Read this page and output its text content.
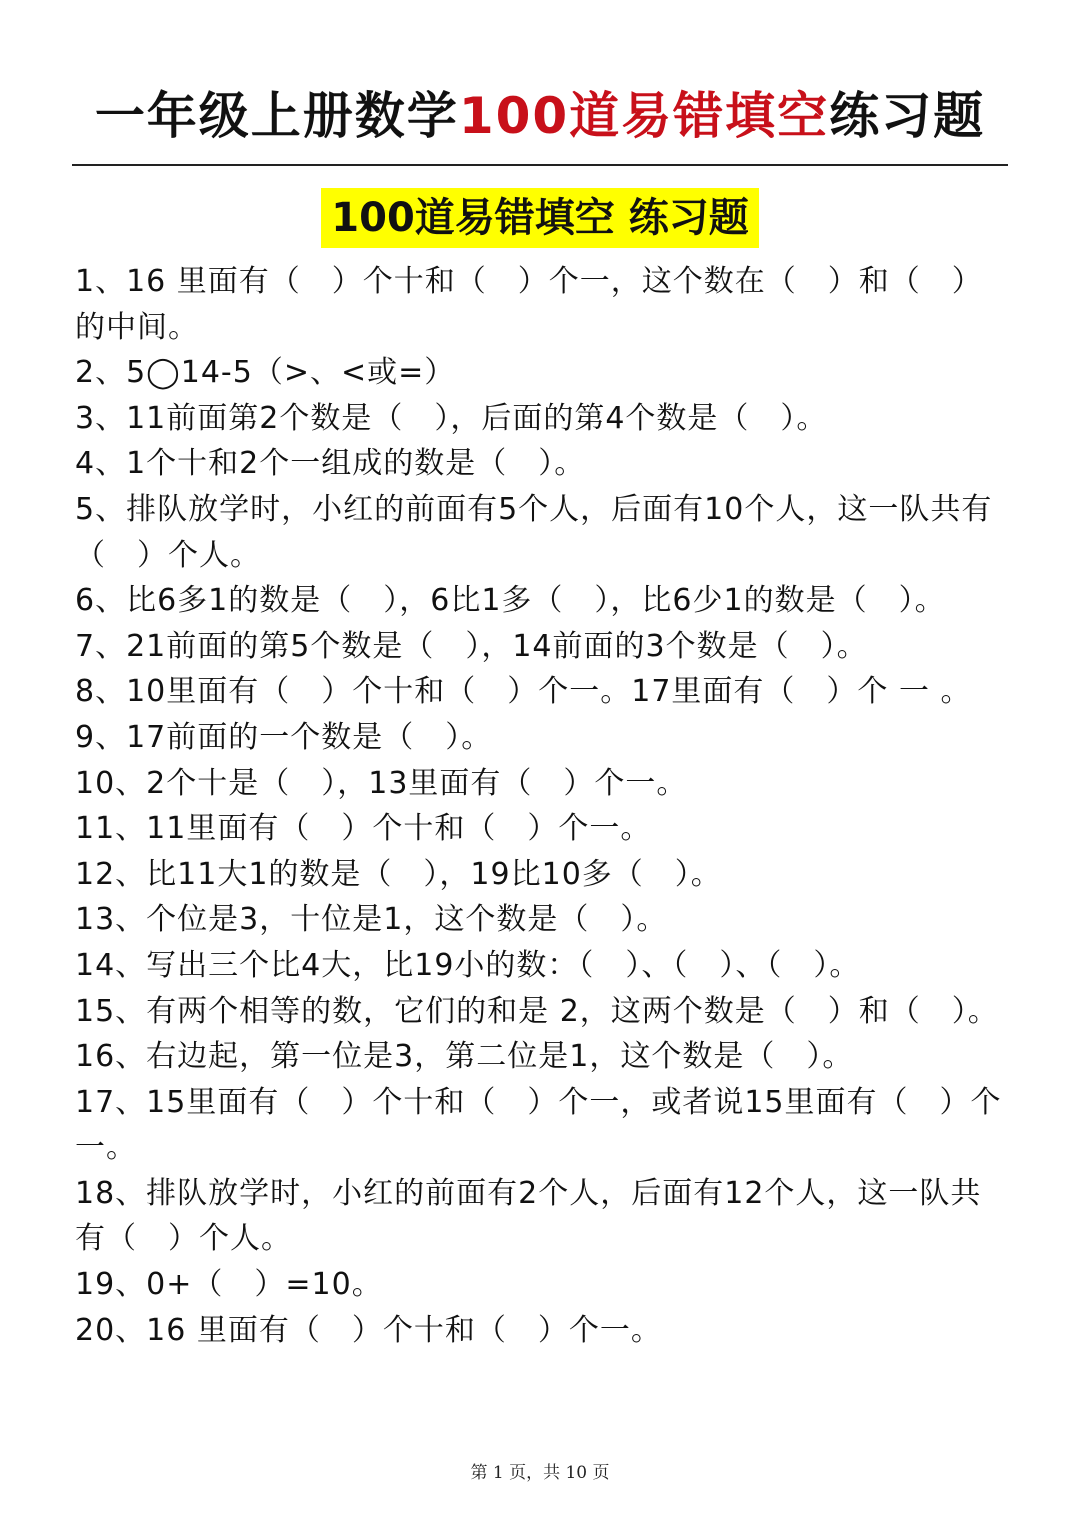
一年级上册数学100道易错填空练习题
100道易错填空 练习题
1、16 里面有（　）个十和（　）个一，这个数在（　）和（　）的中间。
2、5◯14-5（>、<或=）
3、11前面第2个数是（　），后面的第4个数是（　）。
4、1个十和2个一组成的数是（　）。
5、排队放学时，小红的前面有5个人，后面有10个人，这一队共有（　）个人。
6、比6多1的数是（　），6比1多（　），比6少1的数是（　）。
7、21前面的第5个数是（　），14前面的3个数是（　）。
8、10里面有（　）个十和（　）个一。17里面有（　）个 一 。
9、17前面的一个数是（　）。
10、2个十是（　），13里面有（　）个一。
11、11里面有（　）个十和（　）个一。
12、比11大1的数是（　），19比10多（　）。
13、个位是3，十位是1，这个数是（　）。
14、写出三个比4大，比19小的数：（　）、（　）、（　）。
15、有两个相等的数，它们的和是 2，这两个数是（　）和（　）。
16、右边起，第一位是3，第二位是1，这个数是（　）。
17、15里面有（　）个十和（　）个一，或者说15里面有（　）个一。
18、排队放学时，小红的前面有2个人，后面有12个人，这一队共有（　）个人。
19、0+（　）=10。
20、16 里面有（　）个十和（　）个一。
第 1 页，共 10 页
